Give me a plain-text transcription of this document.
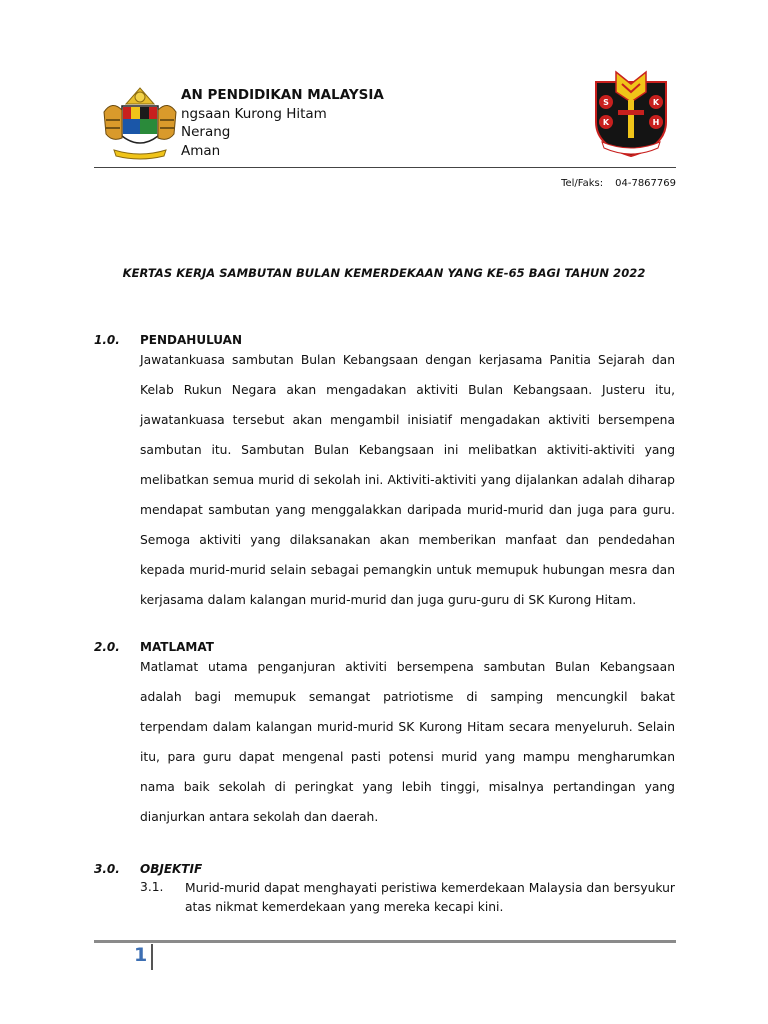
AN PENDIDIKAN MALAYSIA
ngsaan Kurong Hitam
Nerang
Aman
S	K
K	H
Tel/Faks: 04-7867769
KERTAS KERJA SAMBUTAN BULAN KEMERDEKAAN YANG KE-65 BAGI TAHUN 2022
1.0. PENDAHULUAN

Jawatankuasa sambutan Bulan Kebangsaan dengan kerjasama Panitia Sejarah dan Kelab Rukun Negara akan mengadakan aktiviti Bulan Kebangsaan. Justeru itu, jawatankuasa tersebut akan mengambil inisiatif mengadakan aktiviti bersempena sambutan itu. Sambutan Bulan Kebangsaan ini melibatkan aktiviti-aktiviti yang melibatkan semua murid di sekolah ini. Aktiviti-aktiviti yang dijalankan adalah diharap mendapat sambutan yang menggalakkan daripada murid-murid dan juga para guru. Semoga aktiviti yang dilaksanakan akan memberikan manfaat dan pendedahan kepada murid-murid selain sebagai pemangkin untuk memupuk hubungan mesra dan kerjasama dalam kalangan murid-murid dan juga guru-guru di SK Kurong Hitam.

2.0. MATLAMAT

Matlamat utama penganjuran aktiviti bersempena sambutan Bulan Kebangsaan adalah bagi memupuk semangat patriotisme di samping mencungkil bakat terpendam dalam kalangan murid-murid SK Kurong Hitam secara menyeluruh. Selain itu, para guru dapat mengenal pasti potensi murid yang mampu mengharumkan nama baik sekolah di peringkat yang lebih tinggi, misalnya pertandingan yang dianjurkan antara sekolah dan daerah.

3.0. OBJEKTIF
3.1. Murid-murid dapat menghayati peristiwa kemerdekaan Malaysia dan bersyukur atas nikmat kemerdekaan yang mereka kecapi kini.

1
